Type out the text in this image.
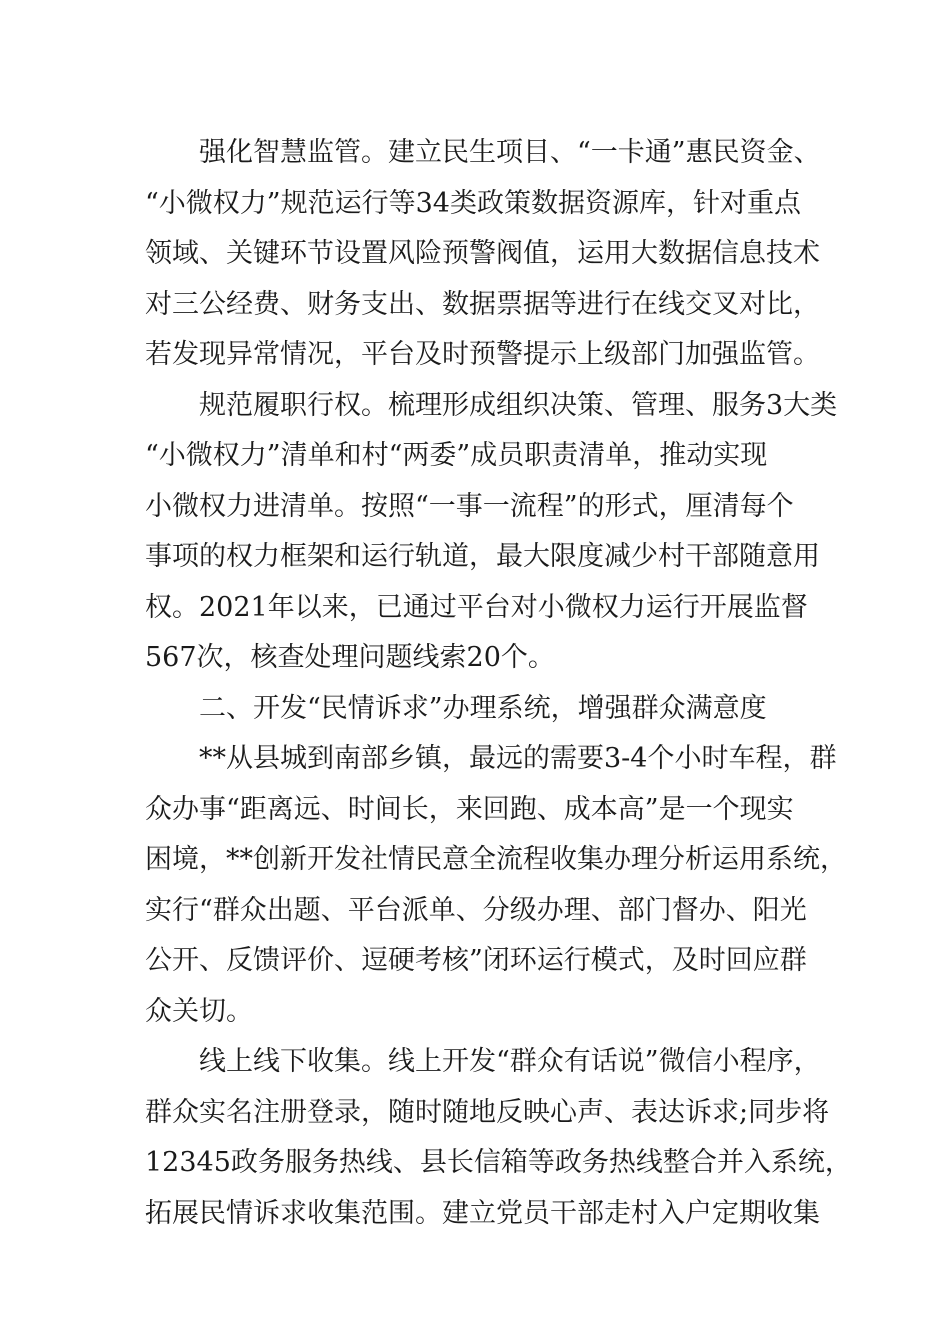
强化智慧监管。建立民生项目、“一卡通”惠民资金、
“小微权力”规范运行等34类政策数据资源库，针对重点
领域、关键环节设置风险预警阀值，运用大数据信息技术
对三公经费、财务支出、数据票据等进行在线交叉对比，
若发现异常情况，平台及时预警提示上级部门加强监管。
规范履职行权。梳理形成组织决策、管理、服务3大类
“小微权力”清单和村“两委”成员职责清单，推动实现
小微权力进清单。按照“一事一流程”的形式，厘清每个
事项的权力框架和运行轨道，最大限度减少村干部随意用
权。2021年以来，已通过平台对小微权力运行开展监督
567次，核查处理问题线索20个。
二、开发“民情诉求”办理系统，增强群众满意度
**从县城到南部乡镇，最远的需要3-4个小时车程，群
众办事“距离远、时间长，来回跑、成本高”是一个现实
困境，**创新开发社情民意全流程收集办理分析运用系统，
实行“群众出题、平台派单、分级办理、部门督办、阳光
公开、反馈评价、逗硬考核”闭环运行模式，及时回应群
众关切。
线上线下收集。线上开发“群众有话说”微信小程序，
群众实名注册登录，随时随地反映心声、表达诉求;同步将
12345政务服务热线、县长信箱等政务热线整合并入系统，
拓展民情诉求收集范围。建立党员干部走村入户定期收集
